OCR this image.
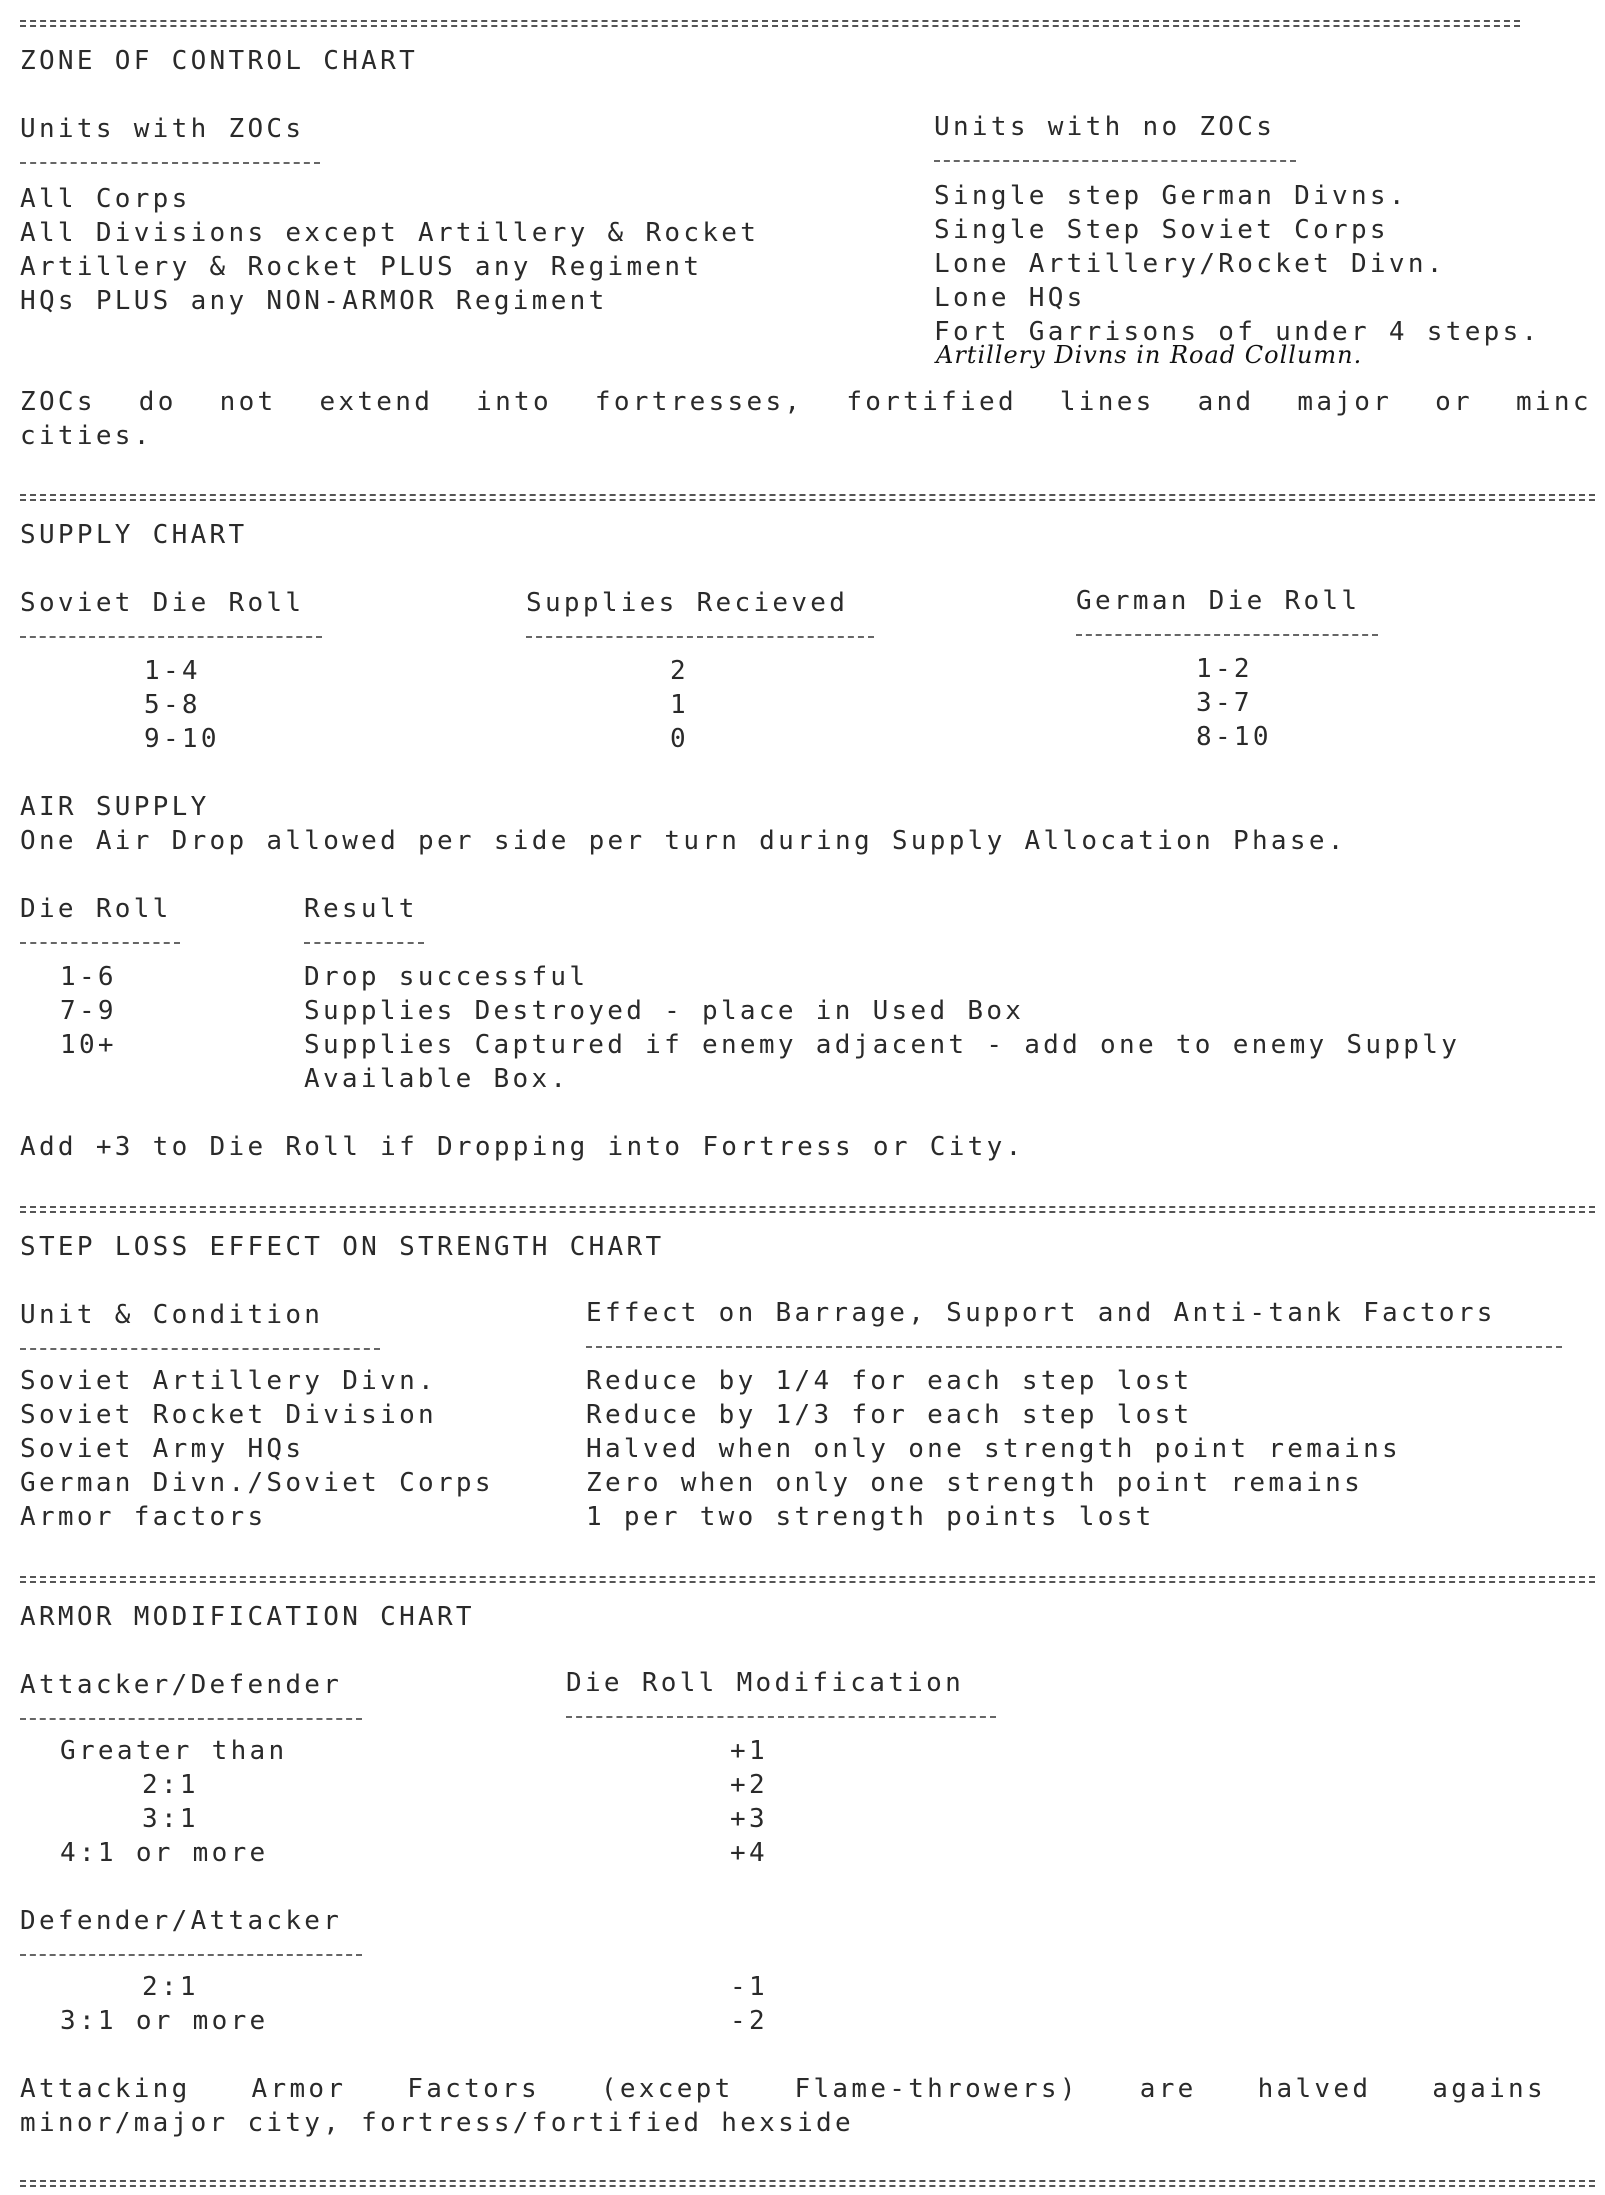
ZONE OF CONTROL CHART
Units with ZOCs
All Corps
All Divisions except Artillery & Rocket
Artillery & Rocket PLUS any Regiment
HQs PLUS any NON-ARMOR Regiment
Units with no ZOCs
Single step German Divns.
Single Step Soviet Corps
Lone Artillery/Rocket Divn.
Lone HQs
Fort Garrisons of under 4 steps.
Artillery Divns in Road Collumn.
ZOCs do not extend into fortresses, fortified lines and major or minc
cities.
SUPPLY CHART
Soviet Die Roll	Supplies Recieved	German Die Roll
1-4	2	1-2
5-8	1	3-7
9-10	0	8-10
AIR SUPPLY
One Air Drop allowed per side per turn during Supply Allocation Phase.
Die Roll	Result
1-6	Drop successful
7-9	Supplies Destroyed - place in Used Box
10+	Supplies Captured if enemy adjacent - add one to enemy Supply
Available Box.
Add +3 to Die Roll if Dropping into Fortress or City.
STEP LOSS EFFECT ON STRENGTH CHART
Unit & Condition	Effect on Barrage, Support and Anti-tank Factors
Soviet Artillery Divn.	Reduce by 1/4 for each step lost
Soviet Rocket Division	Reduce by 1/3 for each step lost
Soviet Army HQs	Halved when only one strength point remains
German Divn./Soviet Corps	Zero when only one strength point remains
Armor factors	1 per two strength points lost
ARMOR MODIFICATION CHART
Attacker/Defender	Die Roll Modification
Greater than	+1
2:1	+2
3:1	+3
4:1 or more	+4
Defender/Attacker
2:1	-1
3:1 or more	-2
Attacking Armor Factors (except Flame-throwers) are halved agains
minor/major city, fortress/fortified hexside
